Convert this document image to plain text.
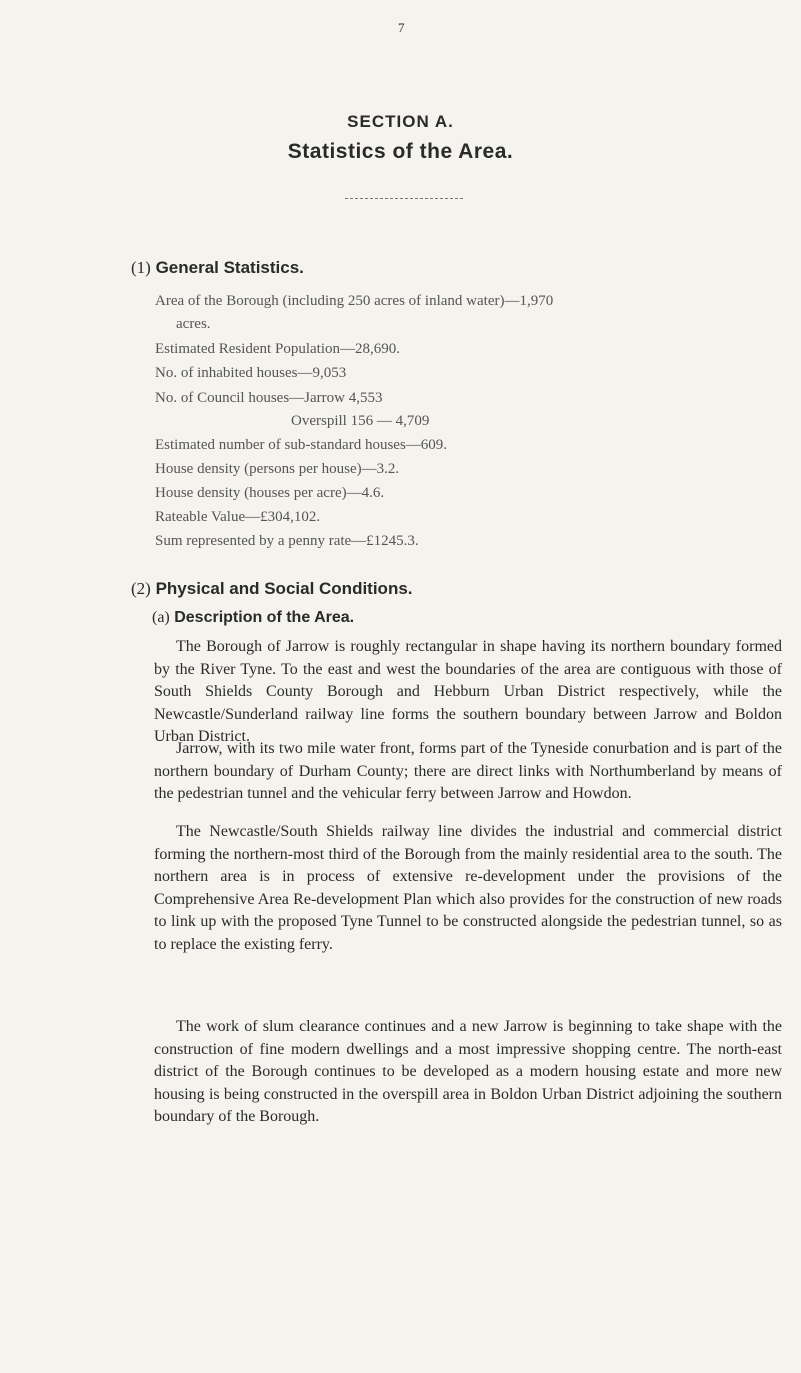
7
SECTION A.
Statistics of the Area.
(1) General Statistics.
Area of the Borough (including 250 acres of inland water)—1,970
acres.
Estimated Resident Population—28,690.
No. of inhabited houses—9,053
No. of Council houses—Jarrow 4,553
Overspill 156 — 4,709
Estimated number of sub-standard houses—609.
House density (persons per house)—3.2.
House density (houses per acre)—4.6.
Rateable Value—£304,102.
Sum represented by a penny rate—£1245.3.
(2) Physical and Social Conditions.
(a) Description of the Area.
The Borough of Jarrow is roughly rectangular in shape having its northern boundary formed by the River Tyne. To the east and west the boundaries of the area are contiguous with those of South Shields County Borough and Hebburn Urban District respectively, while the Newcastle/Sunderland railway line forms the southern boundary between Jarrow and Boldon Urban District.
Jarrow, with its two mile water front, forms part of the Tyneside conurbation and is part of the northern boundary of Durham County; there are direct links with Northumberland by means of the pedestrian tunnel and the vehicular ferry between Jarrow and Howdon.
The Newcastle/South Shields railway line divides the industrial and commercial district forming the northern-most third of the Borough from the mainly residential area to the south. The northern area is in process of extensive re-development under the provisions of the Comprehensive Area Re-development Plan which also provides for the construction of new roads to link up with the proposed Tyne Tunnel to be constructed alongside the pedestrian tunnel, so as to replace the existing ferry.
The work of slum clearance continues and a new Jarrow is beginning to take shape with the construction of fine modern dwellings and a most impressive shopping centre. The north-east district of the Borough continues to be developed as a modern housing estate and more new housing is being constructed in the overspill area in Boldon Urban District adjoining the southern boundary of the Borough.
